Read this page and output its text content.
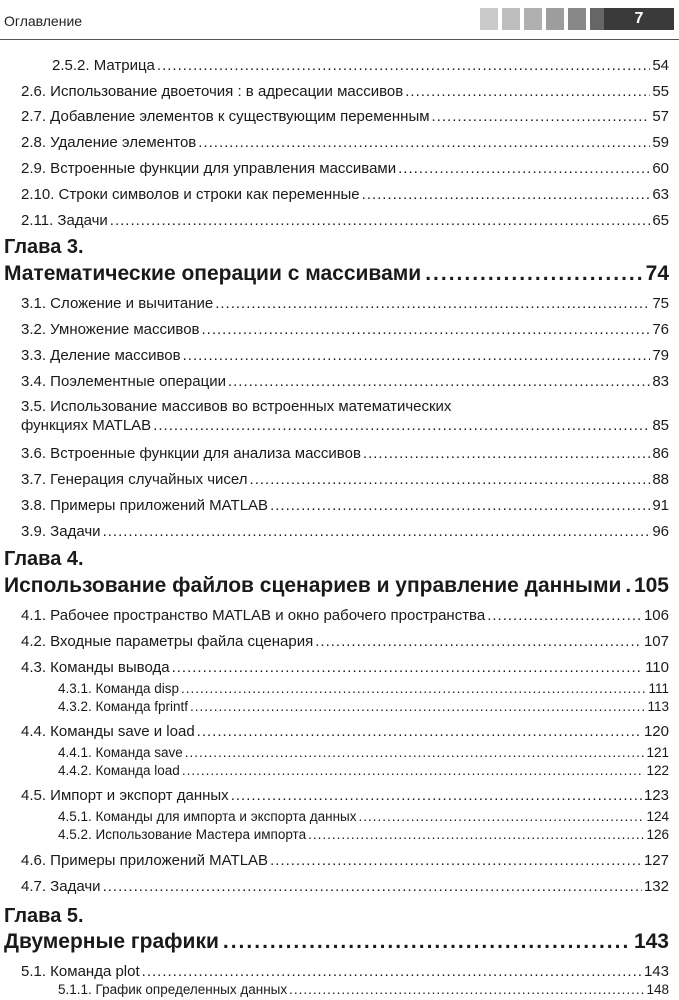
Оглавление	7
2.5.2. Матрица .....	54
2.6. Использование двоеточия : в адресации массивов .....	55
2.7. Добавление элементов к существующим переменным .....	57
2.8. Удаление элементов .....	59
2.9. Встроенные функции для управления массивами .....	60
2.10. Строки символов и строки как переменные .....	63
2.11. Задачи .....	65
Глава 3.
Математические операции с массивами .....	74
3.1. Сложение и вычитание .....	75
3.2. Умножение массивов .....	76
3.3. Деление массивов .....	79
3.4. Поэлементные операции .....	83
3.5. Использование массивов во встроенных математических
функциях MATLAB .....	85
3.6. Встроенные функции для анализа массивов .....	86
3.7. Генерация случайных чисел .....	88
3.8. Примеры приложений MATLAB .....	91
3.9. Задачи .....	96
Глава 4.
Использование файлов сценариев и управление данными ..... 105
4.1. Рабочее пространство MATLAB и окно рабочего пространства .....	106
4.2. Входные параметры файла сценария .....	107
4.3. Команды вывода .....	110
4.3.1. Команда disp .....	111
4.3.2. Команда fprintf .....	113
4.4. Команды save и load .....	120
4.4.1. Команда save .....	121
4.4.2. Команда load .....	122
4.5. Импорт и экспорт данных .....	123
4.5.1. Команды для импорта и экспорта данных .....	124
4.5.2. Использование Мастера импорта .....	126
4.6. Примеры приложений MATLAB .....	127
4.7. Задачи .....	132
Глава 5.
Двумерные графики .....	143
5.1. Команда plot .....	143
5.1.1. График определенных данных .....	148
